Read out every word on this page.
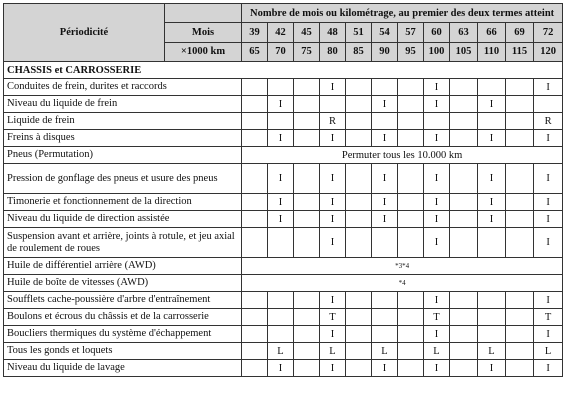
Périodicité Mois
×1000 km	Nombre de mois ou kilométrage, au premier des deux termes atteint											
	39	42	45	48	51	54	57	60	63	66	69	72
	65	70	75	80	85	90	95	100	105	110	115	120
CHASSIS et CARROSSERIE												
Conduites de frein, durites et raccords				I				I				I
Niveau du liquide de frein		I				I		I		I		
Liquide de frein				R								R
Freins à disques		I		I		I		I		I		I
Pneus (Permutation)	Permuter tous les 10.000 km											
Pression de gonflage des pneus et usure des pneus		I		I		I		I		I		I
Timonerie et fonctionnement de la direction		I		I		I		I		I		I
Niveau du liquide de direction assistée		I		I		I		I		I		I
Suspension avant et arrière, joints à rotule, et jeu axial de roulement de roues				I				I				I
Huile de différentiel arrière (AWD)	*3*4											
Huile de boîte de vitesses (AWD)	*4											
Soufflets cache-poussière d'arbre d'entraînement				I				I				I
Boulons et écrous du châssis et de la carrosserie				T				T				T
Boucliers thermiques du système d'échappement				I				I				I
Tous les gonds et loquets		L		L		L		L		L		L
Niveau du liquide de lavage		I		I		I		I		I		I
